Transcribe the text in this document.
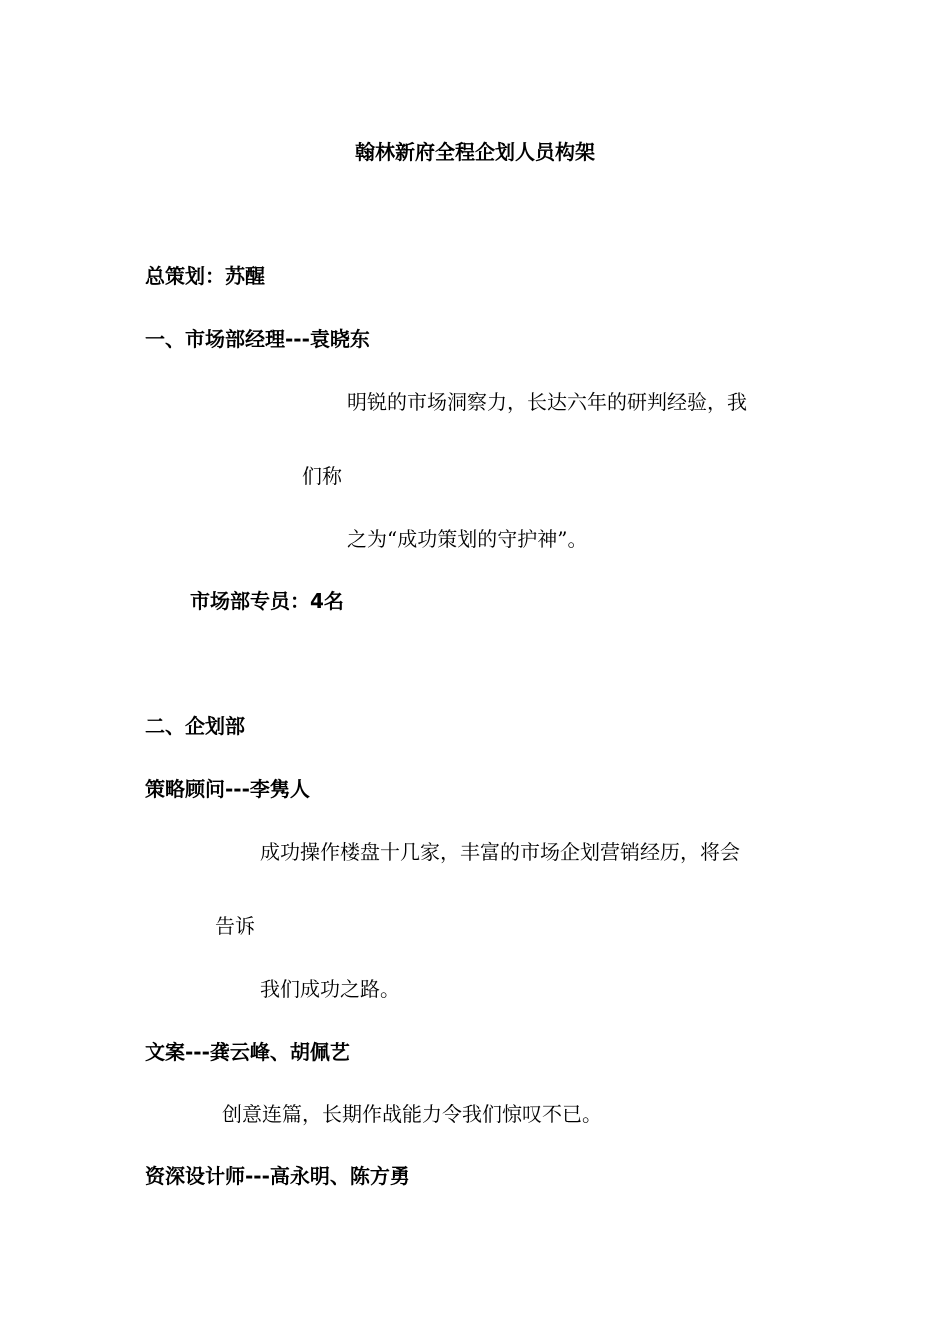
翰林新府全程企划人员构架
总策划：苏醒
一、市场部经理---袁晓东
明锐的市场洞察力，长达六年的研判经验，我
们称
之为“成功策划的守护神”。
市场部专员：4名
二、企划部
策略顾问---李隽人
成功操作楼盘十几家，丰富的市场企划营销经历，将会
告诉
我们成功之路。
文案---龚云峰、胡佩艺
创意连篇，长期作战能力令我们惊叹不已。
资深设计师---高永明、陈方勇
